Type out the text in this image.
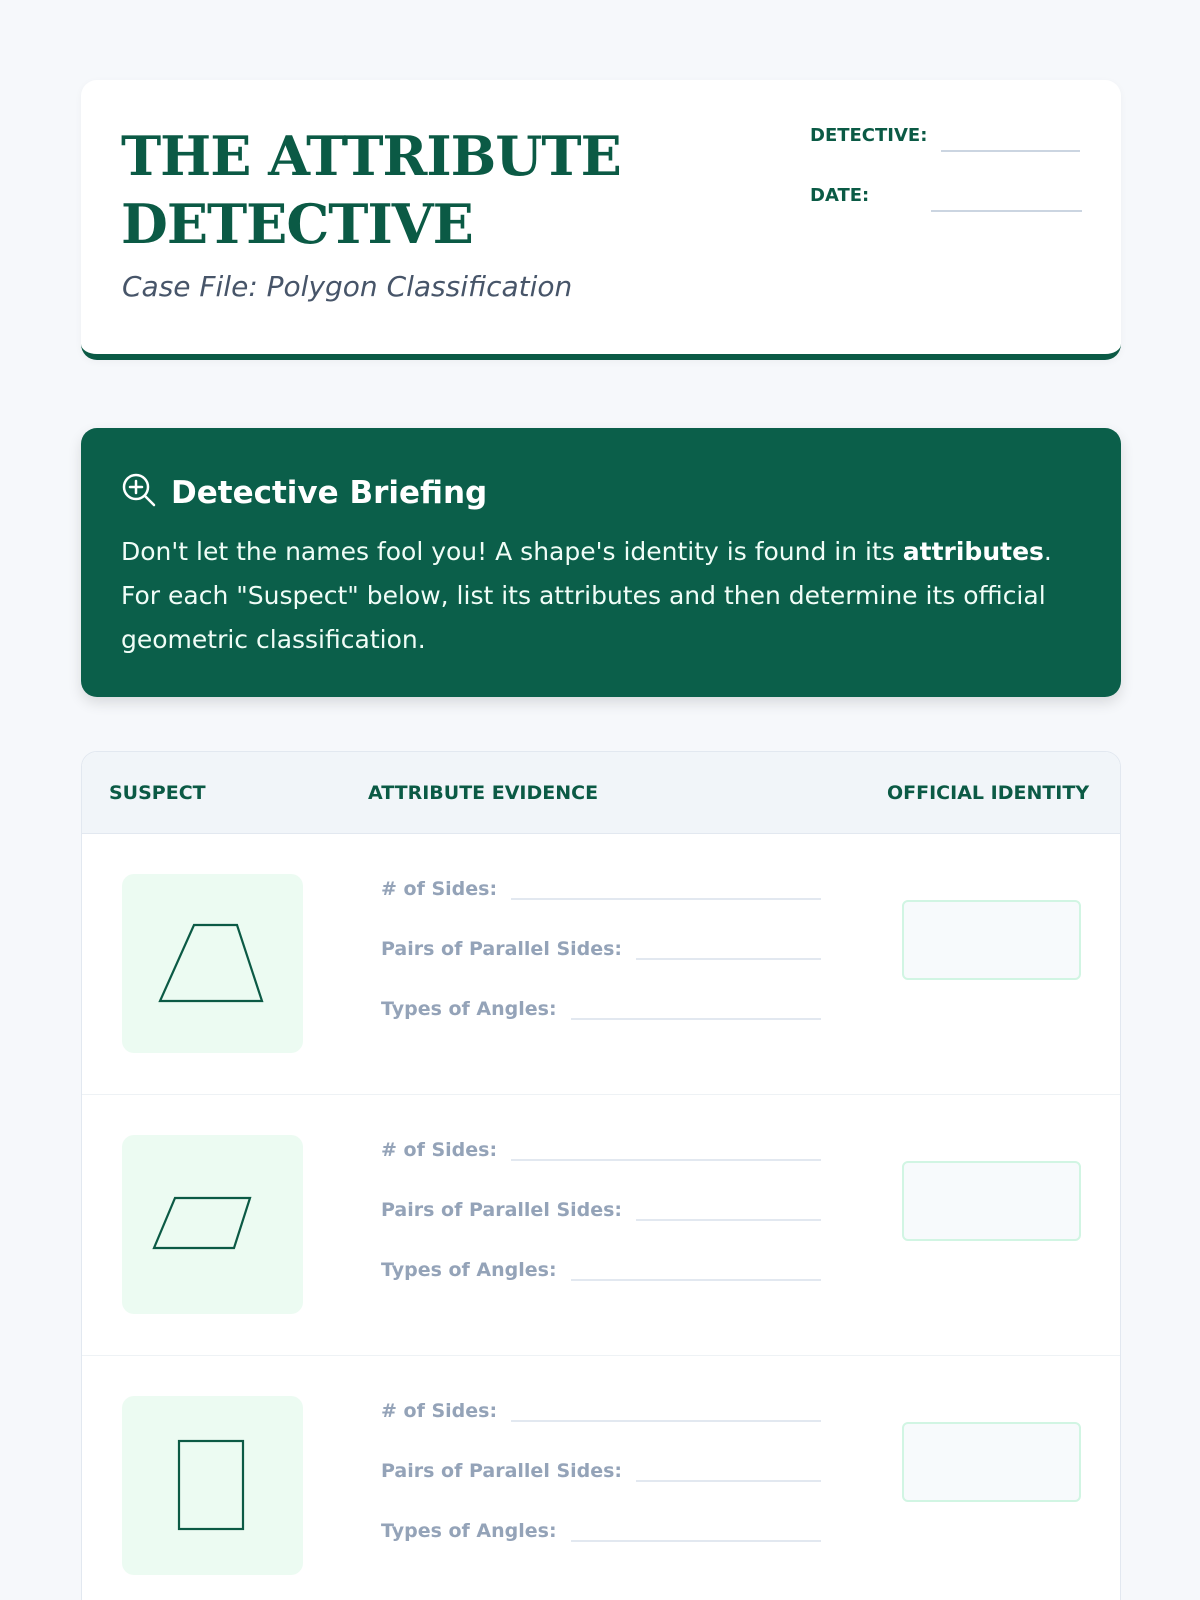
THE ATTRIBUTE DETECTIVE
Case File: Polygon Classification
DETECTIVE:
DATE:
Detective Briefing
Don't let the names fool you! A shape's identity is found in its attributes. For each "Suspect" below, list its attributes and then determine its official geometric classification.
SUSPECT	ATTRIBUTE EVIDENCE	OFFICIAL IDENTITY
# of Sides:
Pairs of Parallel Sides:
Types of Angles:
# of Sides:
Pairs of Parallel Sides:
Types of Angles:
# of Sides:
Pairs of Parallel Sides:
Types of Angles:
